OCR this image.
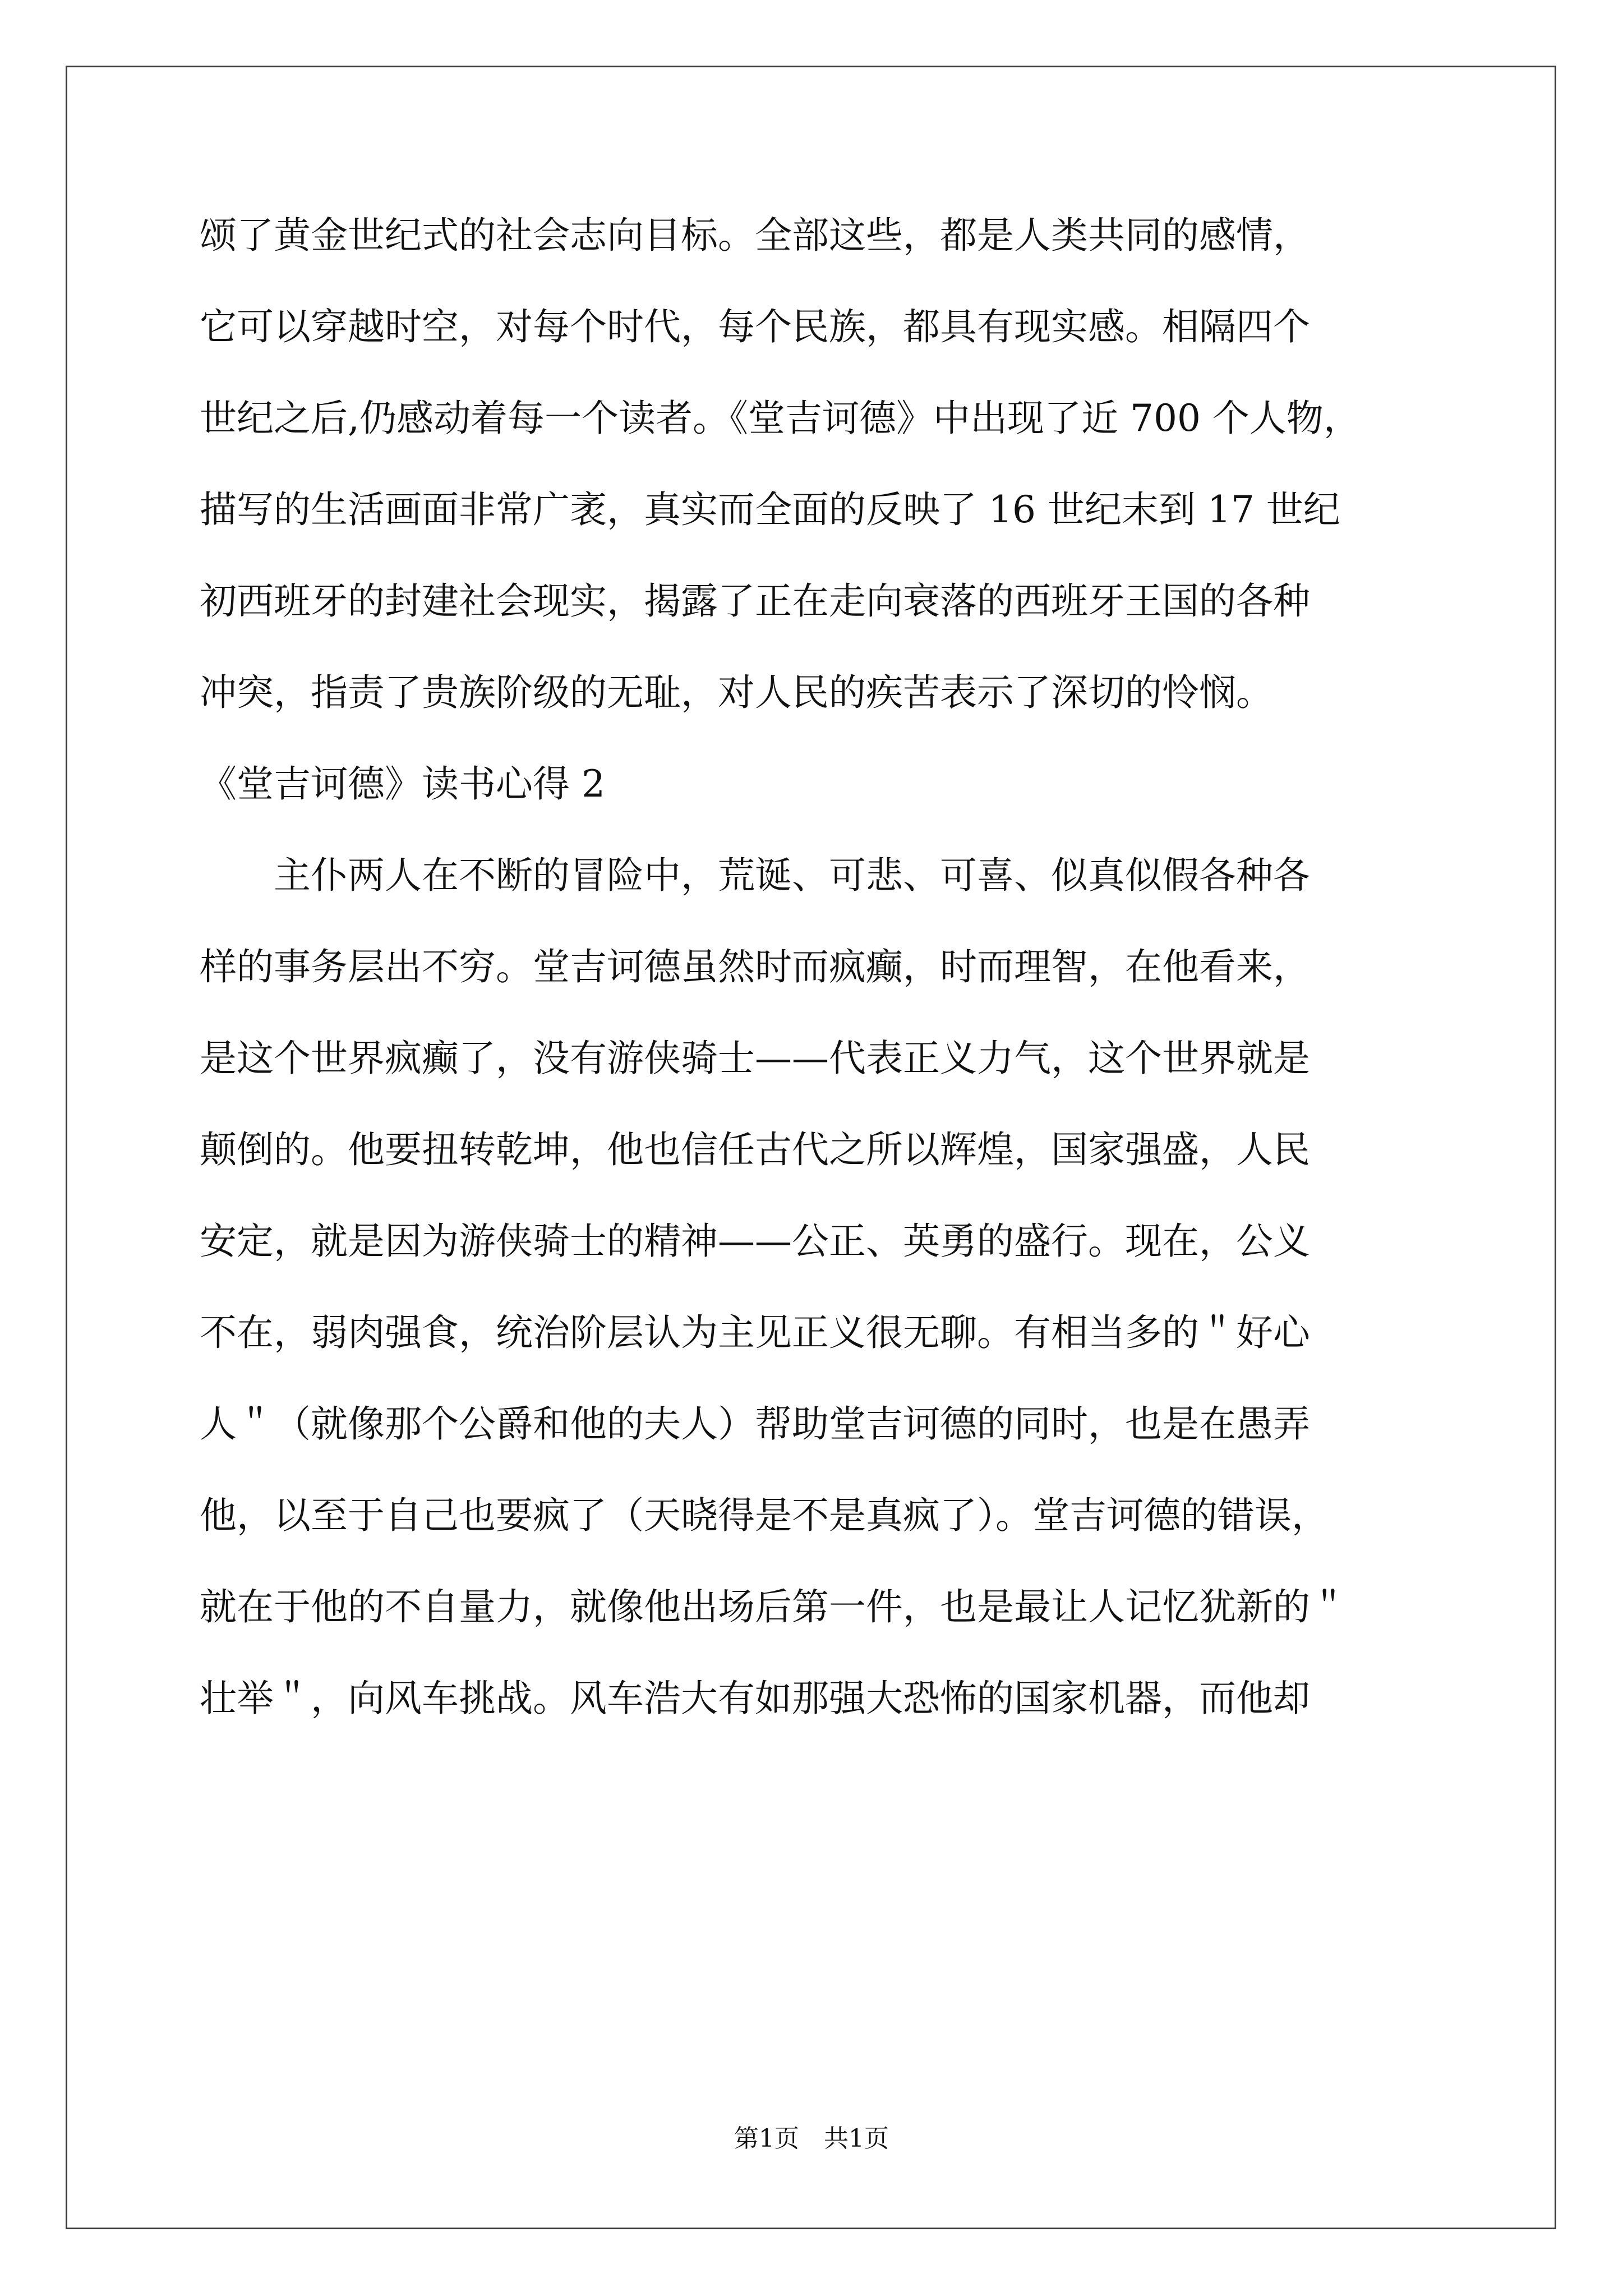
颂了黄金世纪式的社会志向目标。全部这些，都是人类共同的感情，
它可以穿越时空，对每个时代，每个民族，都具有现实感。相隔四个
世纪之后,仍感动着每一个读者。《堂吉诃德》中出现了近 700 个人物，
描写的生活画面非常广袤，真实而全面的反映了 16 世纪末到 17 世纪
初西班牙的封建社会现实，揭露了正在走向衰落的西班牙王国的各种
冲突，指责了贵族阶级的无耻，对人民的疾苦表示了深切的怜悯。
《堂吉诃德》读书心得 2
　　主仆两人在不断的冒险中，荒诞、可悲、可喜、似真似假各种各
样的事务层出不穷。堂吉诃德虽然时而疯癫，时而理智，在他看来，
是这个世界疯癫了，没有游侠骑士——代表正义力气，这个世界就是
颠倒的。他要扭转乾坤，他也信任古代之所以辉煌，国家强盛，人民
安定，就是因为游侠骑士的精神——公正、英勇的盛行。现在，公义
不在，弱肉强食，统治阶层认为主见正义很无聊。有相当多的＂好心
人＂（就像那个公爵和他的夫人）帮助堂吉诃德的同时，也是在愚弄
他，以至于自己也要疯了（天晓得是不是真疯了）。堂吉诃德的错误，
就在于他的不自量力，就像他出场后第一件，也是最让人记忆犹新的＂
壮举＂，向风车挑战。风车浩大有如那强大恐怖的国家机器，而他却
第1页　共1页
